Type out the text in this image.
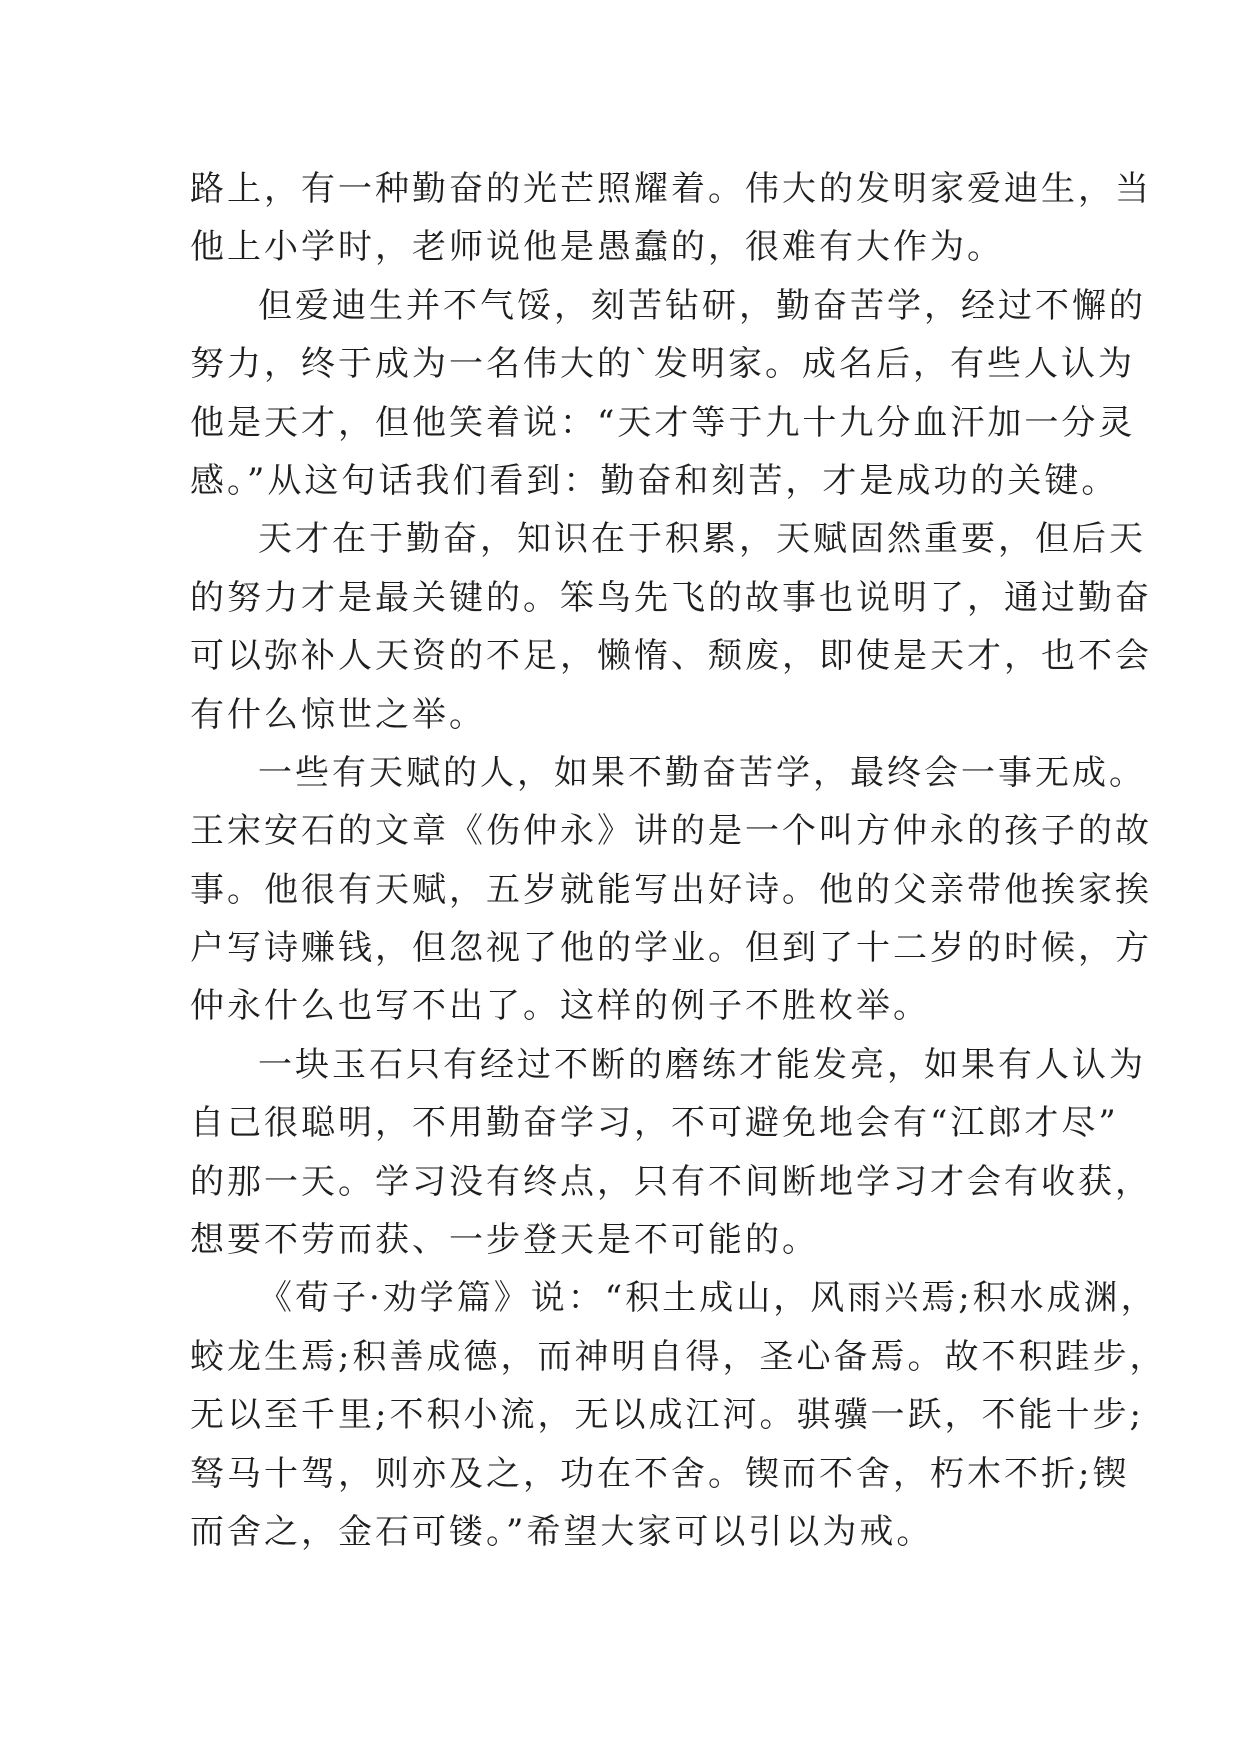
路上，有一种勤奋的光芒照耀着。伟大的发明家爱迪生，当
他上小学时，老师说他是愚蠢的，很难有大作为。
但爱迪生并不气馁，刻苦钻研，勤奋苦学，经过不懈的
努力，终于成为一名伟大的`发明家。成名后，有些人认为
他是天才，但他笑着说：“天才等于九十九分血汗加一分灵
感。”从这句话我们看到：勤奋和刻苦，才是成功的关键。
天才在于勤奋，知识在于积累，天赋固然重要，但后天
的努力才是最关键的。笨鸟先飞的故事也说明了，通过勤奋
可以弥补人天资的不足，懒惰、颓废，即使是天才，也不会
有什么惊世之举。
一些有天赋的人，如果不勤奋苦学，最终会一事无成。
王宋安石的文章《伤仲永》讲的是一个叫方仲永的孩子的故
事。他很有天赋，五岁就能写出好诗。他的父亲带他挨家挨
户写诗赚钱，但忽视了他的学业。但到了十二岁的时候，方
仲永什么也写不出了。这样的例子不胜枚举。
一块玉石只有经过不断的磨练才能发亮，如果有人认为
自己很聪明，不用勤奋学习，不可避免地会有“江郎才尽”
的那一天。学习没有终点，只有不间断地学习才会有收获，
想要不劳而获、一步登天是不可能的。
《荀子·劝学篇》说：“积土成山，风雨兴焉;积水成渊，
蛟龙生焉;积善成德，而神明自得，圣心备焉。故不积跬步，
无以至千里;不积小流，无以成江河。骐骥一跃，不能十步;
驽马十驾，则亦及之，功在不舍。锲而不舍，朽木不折;锲
而舍之，金石可镂。”希望大家可以引以为戒。
